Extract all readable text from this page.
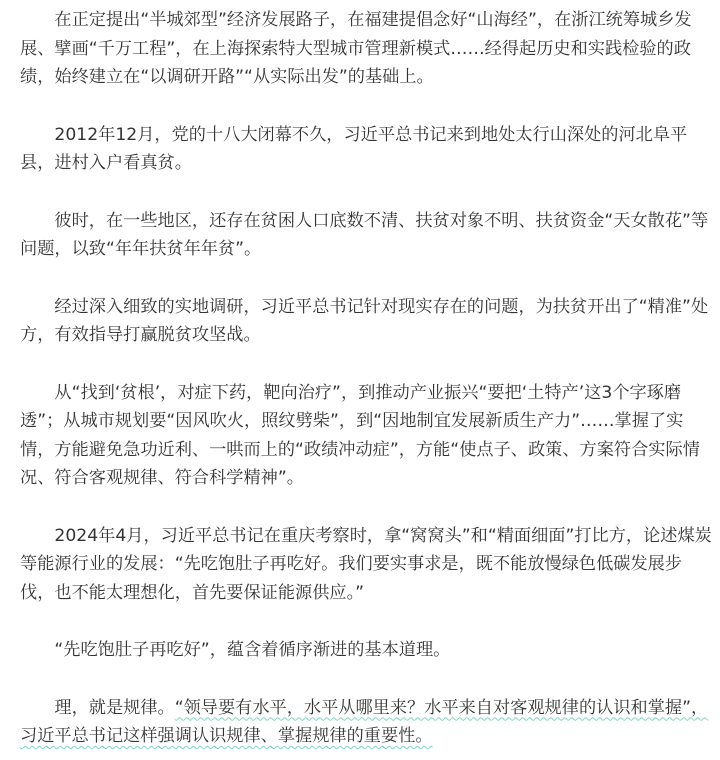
在正定提出“半城郊型”经济发展路子，在福建提倡念好“山海经”，在浙江统筹城乡发展、擘画“千万工程”，在上海探索特大型城市管理新模式……经得起历史和实践检验的政绩，始终建立在“以调研开路”“从实际出发”的基础上。

2012年12月，党的十八大闭幕不久，习近平总书记来到地处太行山深处的河北阜平县，进村入户看真贫。

彼时，在一些地区，还存在贫困人口底数不清、扶贫对象不明、扶贫资金“天女散花”等问题，以致“年年扶贫年年贫”。

经过深入细致的实地调研，习近平总书记针对现实存在的问题，为扶贫开出了“精准”处方，有效指导打赢脱贫攻坚战。

从“找到‘贫根’，对症下药，靶向治疗”，到推动产业振兴“要把‘土特产’这3个字琢磨透”；从城市规划要“因风吹火，照纹劈柴”，到“因地制宜发展新质生产力”……掌握了实情，方能避免急功近利、一哄而上的“政绩冲动症”，方能“使点子、政策、方案符合实际情况、符合客观规律、符合科学精神”。

2024年4月，习近平总书记在重庆考察时，拿“窝窝头”和“精面细面”打比方，论述煤炭等能源行业的发展：“先吃饱肚子再吃好。我们要实事求是，既不能放慢绿色低碳发展步伐，也不能太理想化，首先要保证能源供应。”

“先吃饱肚子再吃好”，蕴含着循序渐进的基本道理。

理，就是规律。“领导要有水平，水平从哪里来？水平来自对客观规律的认识和掌握”，习近平总书记这样强调认识规律、掌握规律的重要性。
